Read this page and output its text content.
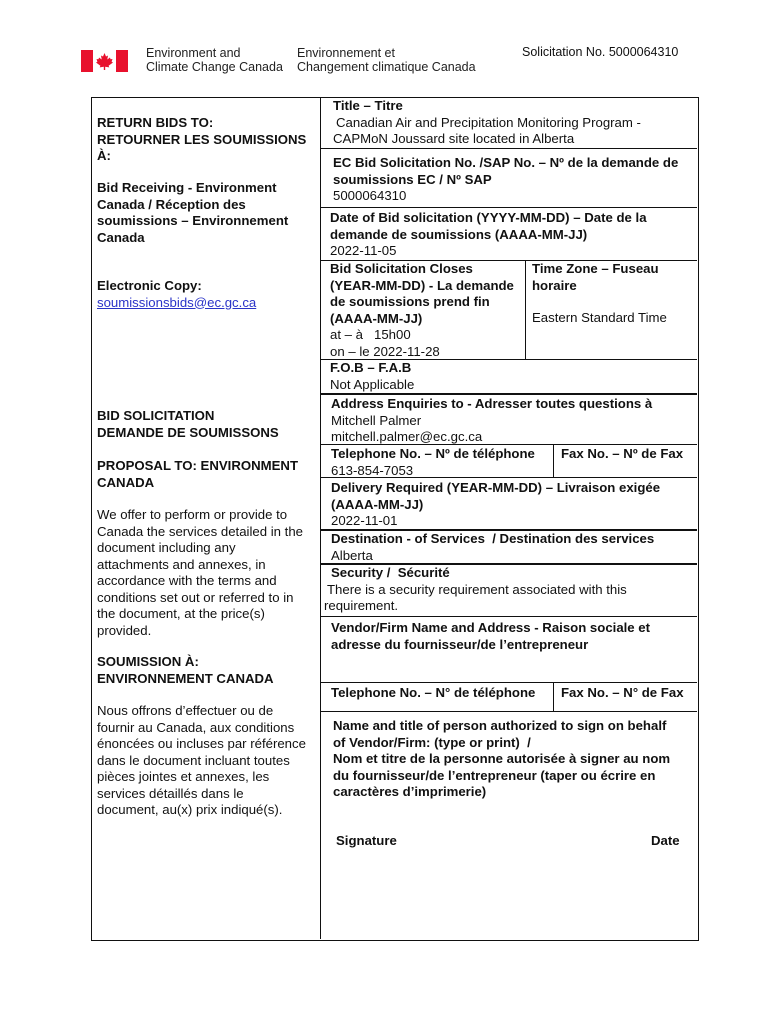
Environment and
Climate Change Canada
Environnement et
Changement climatique Canada
Solicitation No. 5000064310
RETURN BIDS TO:
RETOURNER LES SOUMISSIONS
À:
Bid Receiving - Environment
Canada / Réception des
soumissions – Environnement
Canada
Electronic Copy:
soumissionsbids@ec.gc.ca
BID SOLICITATION
DEMANDE DE SOUMISSONS
PROPOSAL TO: ENVIRONMENT
CANADA
We offer to perform or provide to
Canada the services detailed in the
document including any
attachments and annexes, in
accordance with the terms and
conditions set out or referred to in
the document, at the price(s)
provided.
SOUMISSION À:
ENVIRONNEMENT CANADA
Nous offrons d’effectuer ou de
fournir au Canada, aux conditions
énoncées ou incluses par référence
dans le document incluant toutes
pièces jointes et annexes, les
services détaillés dans le
document, au(x) prix indiqué(s).
Title – Titre
Canadian Air and Precipitation Monitoring Program -
CAPMoN Joussard site located in Alberta
EC Bid Solicitation No. /SAP No. – Nº de la demande de
soumissions EC / Nº SAP
5000064310
Date of Bid solicitation (YYYY-MM-DD) – Date de la
demande de soumissions (AAAA-MM-JJ)
2022-11-05
Bid Solicitation Closes
(YEAR-MM-DD) - La demande
de soumissions prend fin
(AAAA-MM-JJ)
at – à   15h00
on – le 2022-11-28
Time Zone – Fuseau
horaire
Eastern Standard Time
F.O.B – F.A.B
Not Applicable
Address Enquiries to - Adresser toutes questions à
Mitchell Palmer
mitchell.palmer@ec.gc.ca
Telephone No. – Nº de téléphone
613-854-7053
Fax No. – Nº de Fax
Delivery Required (YEAR-MM-DD) – Livraison exigée
(AAAA-MM-JJ)
2022-11-01
Destination - of Services  / Destination des services
Alberta
Security /  Sécurité
There is a security requirement associated with this
requirement.
Vendor/Firm Name and Address - Raison sociale et
adresse du fournisseur/de l’entrepreneur
Telephone No. – N° de téléphone Fax No. – N° de Fax
Name and title of person authorized to sign on behalf
of Vendor/Firm: (type or print)  /
Nom et titre de la personne autorisée à signer au nom
du fournisseur/de l’entrepreneur (taper ou écrire en
caractères d’imprimerie)
Signature	Date
